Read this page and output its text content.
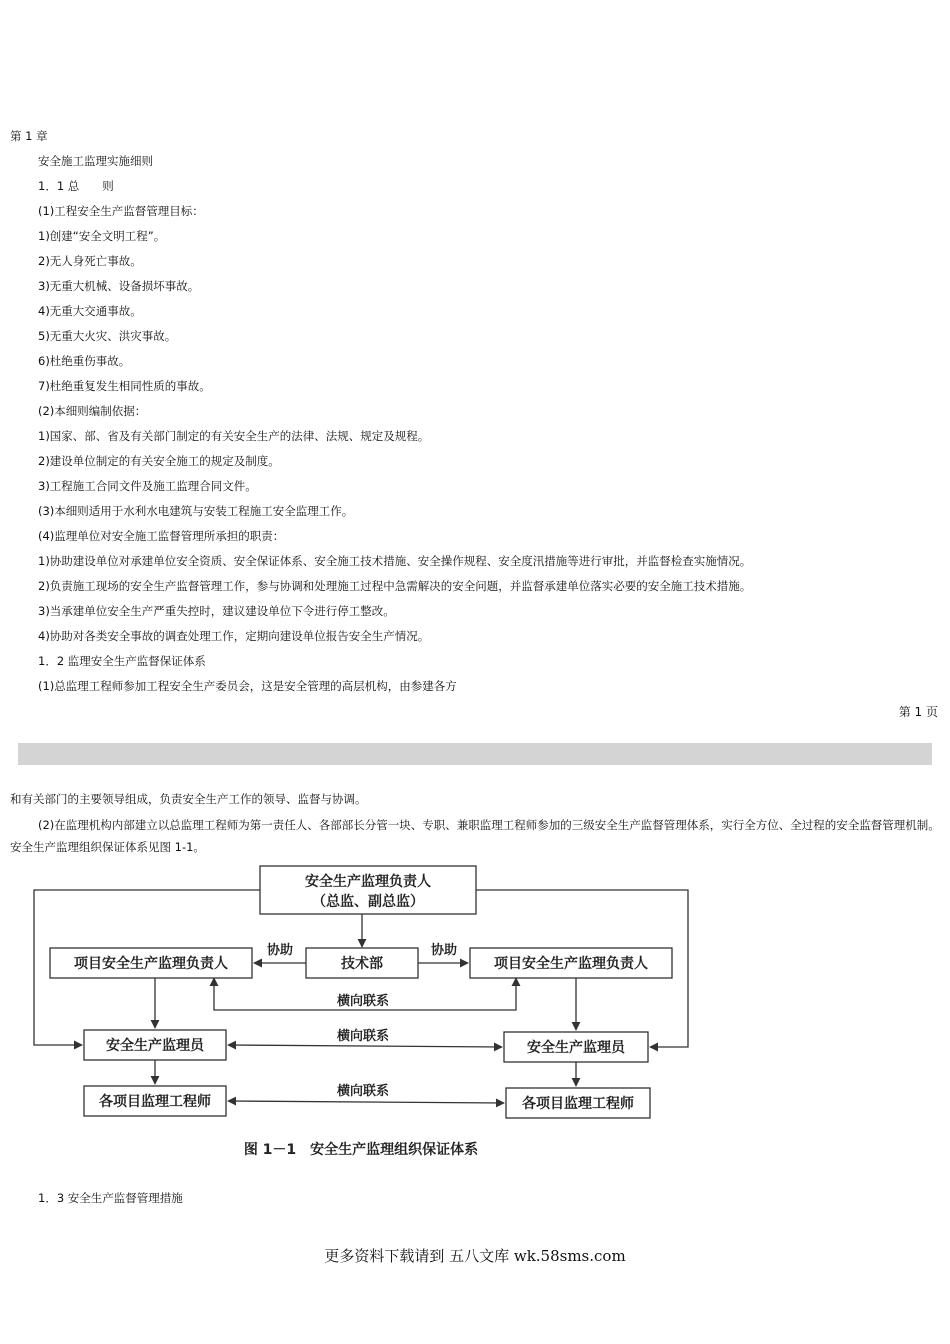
第 1 章
安全施工监理实施细则
1．1 总　　则
(1)工程安全生产监督管理目标：
1)创建“安全文明工程”。
2)无人身死亡事故。
3)无重大机械、设备损坏事故。
4)无重大交通事故。
5)无重大火灾、洪灾事故。
6)杜绝重伤事故。
7)杜绝重复发生相同性质的事故。
(2)本细则编制依据：
1)国家、部、省及有关部门制定的有关安全生产的法律、法规、规定及规程。
2)建设单位制定的有关安全施工的规定及制度。
3)工程施工合同文件及施工监理合同文件。
(3)本细则适用于水利水电建筑与安装工程施工安全监理工作。
(4)监理单位对安全施工监督管理所承担的职责：
1)协助建设单位对承建单位安全资质、安全保证体系、安全施工技术措施、安全操作规程、安全度汛措施等进行审批，并监督检查实施情况。
2)负责施工现场的安全生产监督管理工作，参与协调和处理施工过程中急需解决的安全问题，并监督承建单位落实必要的安全施工技术措施。
3)当承建单位安全生产严重失控时，建议建设单位下令进行停工整改。
4)协助对各类安全事故的调查处理工作，定期向建设单位报告安全生产情况。
1．2 监理安全生产监督保证体系
(1)总监理工程师参加工程安全生产委员会，这是安全管理的高层机构，由参建各方
第 1 页
和有关部门的主要领导组成，负责安全生产工作的领导、监督与协调。
(2)在监理机构内部建立以总监理工程师为第一责任人、各部部长分管一块、专职、兼职监理工程师参加的三级安全生产监督管理体系，实行全方位、全过程的安全监督管理机制。安全生产监理组织保证体系见图 1-1。
安全生产监理负责人
（总监、副总监）
项目安全生产监理负责人	技术部	项目安全生产监理负责人
安全生产监理员	安全生产监理员
各项目监理工程师	各项目监理工程师
协助	协助
横向联系
横向联系
横向联系
图 1－1　安全生产监理组织保证体系
1．3 安全生产监督管理措施
更多资料下载请到 五八文库 wk.58sms.com
